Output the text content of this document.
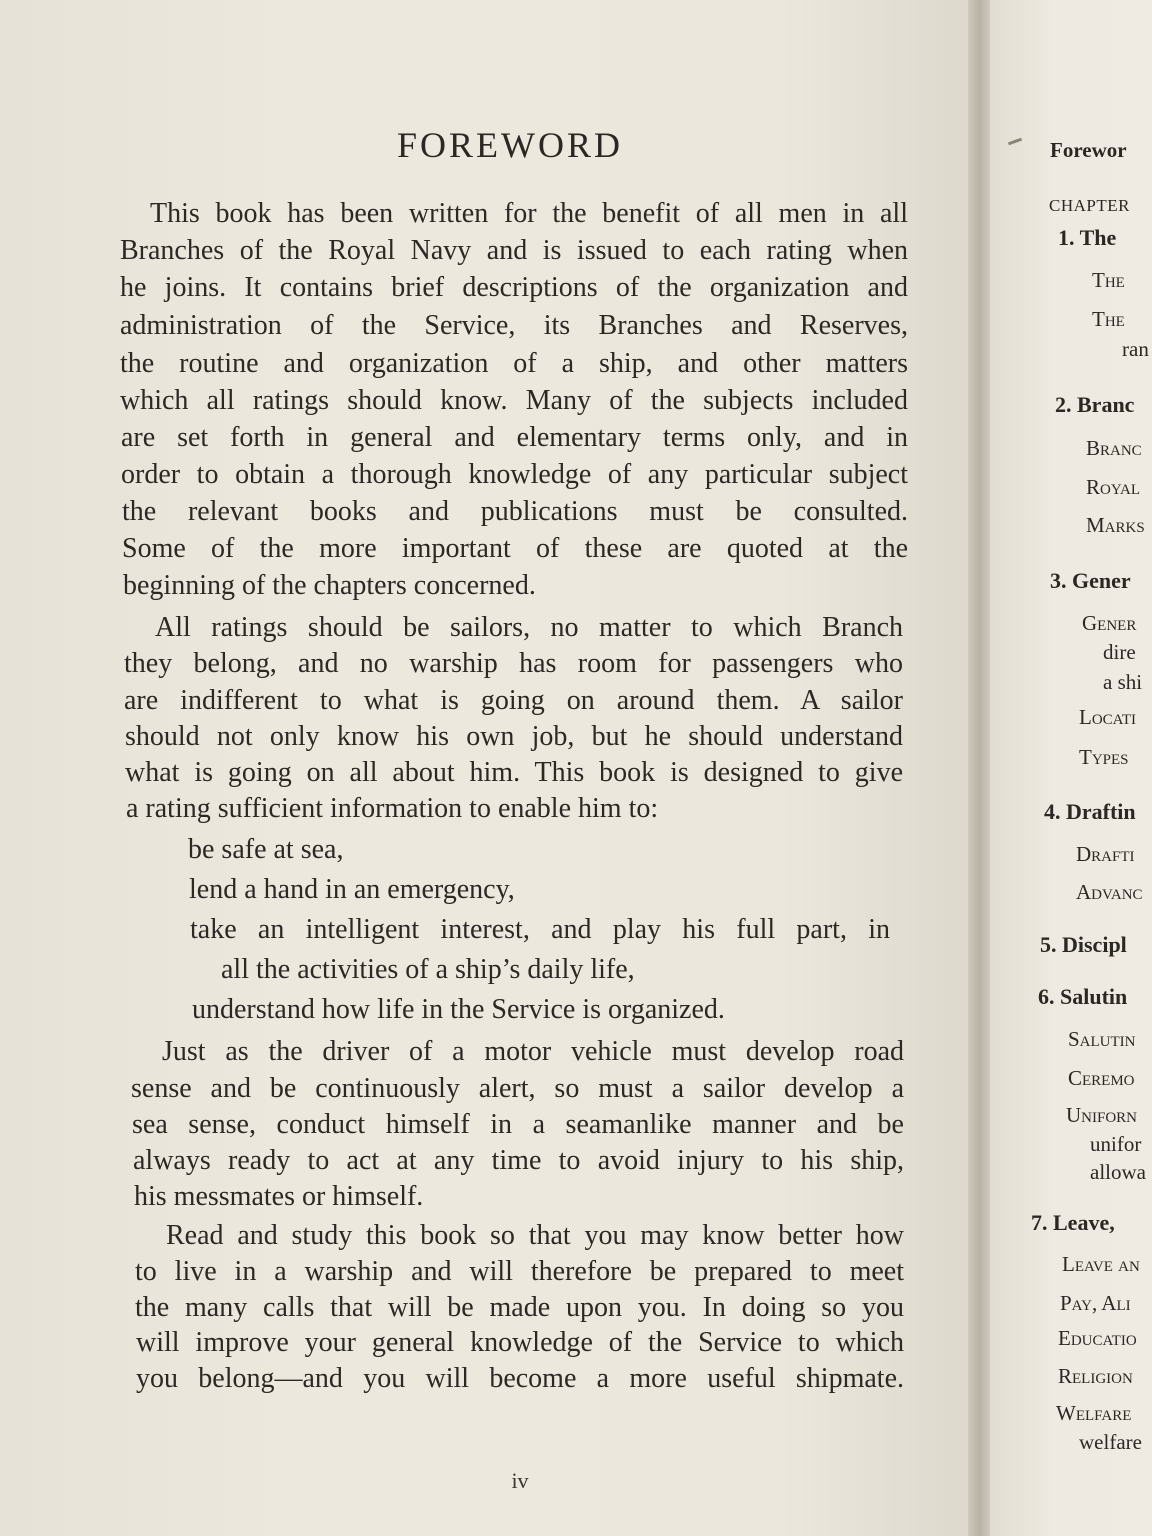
FOREWORD
This book has been written for the benefit of all men in all
Branches of the Royal Navy and is issued to each rating when
he joins. It contains brief descriptions of the organization and
administration of the Service, its Branches and Reserves,
the routine and organization of a ship, and other matters
which all ratings should know. Many of the subjects included
are set forth in general and elementary terms only, and in
order to obtain a thorough knowledge of any particular subject
the relevant books and publications must be consulted.
Some of the more important of these are quoted at the
beginning of the chapters concerned.
All ratings should be sailors, no matter to which Branch
they belong, and no warship has room for passengers who
are indifferent to what is going on around them. A sailor
should not only know his own job, but he should understand
what is going on all about him. This book is designed to give
a rating sufficient information to enable him to:
be safe at sea,
lend a hand in an emergency,
take an intelligent interest, and play his full part, in
all the activities of a ship’s daily life,
understand how life in the Service is organized.
Just as the driver of a motor vehicle must develop road
sense and be continuously alert, so must a sailor develop a
sea sense, conduct himself in a seamanlike manner and be
always ready to act at any time to avoid injury to his ship,
his messmates or himself.
Read and study this book so that you may know better how
to live in a warship and will therefore be prepared to meet
the many calls that will be made upon you. In doing so you
will improve your general knowledge of the Service to which
you belong—and you will become a more useful shipmate.
iv
Forewor
CHAPTER
1. The
The
The
ran
2. Branc
Branc
Royal
Marks
3. Gener
Gener
dire
a shi
Locati
Types
4. Draftin
Drafti
Advanc
5. Discipl
6. Salutin
Salutin
Ceremo
Uniforn
unifor
allowa
7. Leave,
Leave an
Pay, Ali
Educatio
Religion
Welfare
welfare
